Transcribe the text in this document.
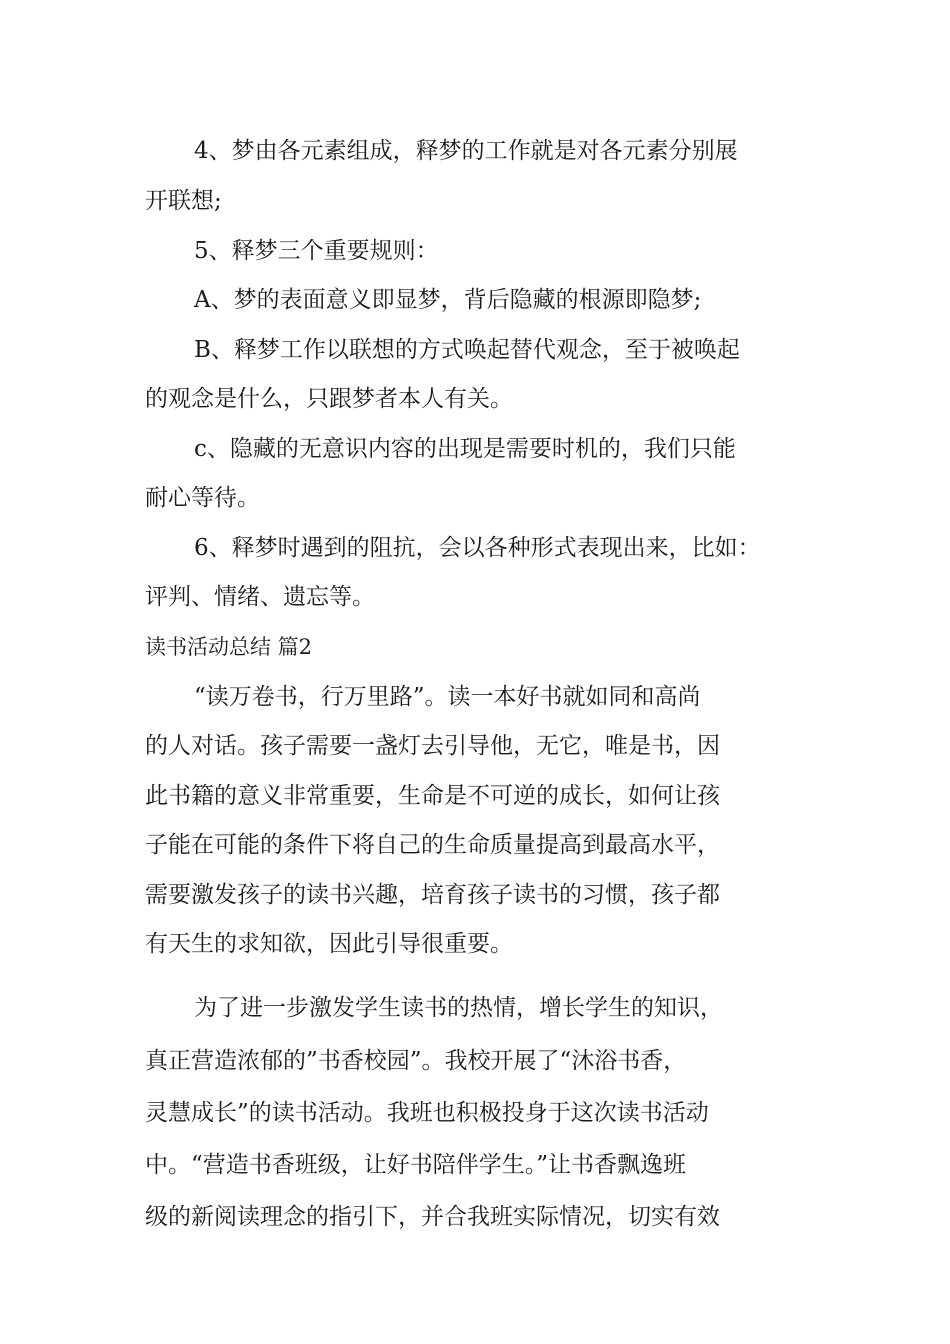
4、梦由各元素组成，释梦的工作就是对各元素分别展

开联想;

5、释梦三个重要规则：

A、梦的表面意义即显梦，背后隐藏的根源即隐梦;

B、释梦工作以联想的方式唤起替代观念，至于被唤起

的观念是什么，只跟梦者本人有关。

c、隐藏的无意识内容的出现是需要时机的，我们只能

耐心等待。

6、释梦时遇到的阻抗，会以各种形式表现出来，比如：

评判、情绪、遗忘等。

读书活动总结 篇2

“读万卷书，行万里路”。读一本好书就如同和高尚

的人对话。孩子需要一盏灯去引导他，无它，唯是书，因

此书籍的意义非常重要，生命是不可逆的成长，如何让孩

子能在可能的条件下将自己的生命质量提高到最高水平，

需要激发孩子的读书兴趣，培育孩子读书的习惯，孩子都

有天生的求知欲，因此引导很重要。

为了进一步激发学生读书的热情，增长学生的知识，

真正营造浓郁的”书香校园”。我校开展了“沐浴书香，

灵慧成长”的读书活动。我班也积极投身于这次读书活动

中。“营造书香班级，让好书陪伴学生。”让书香飘逸班

级的新阅读理念的指引下，并合我班实际情况，切实有效
